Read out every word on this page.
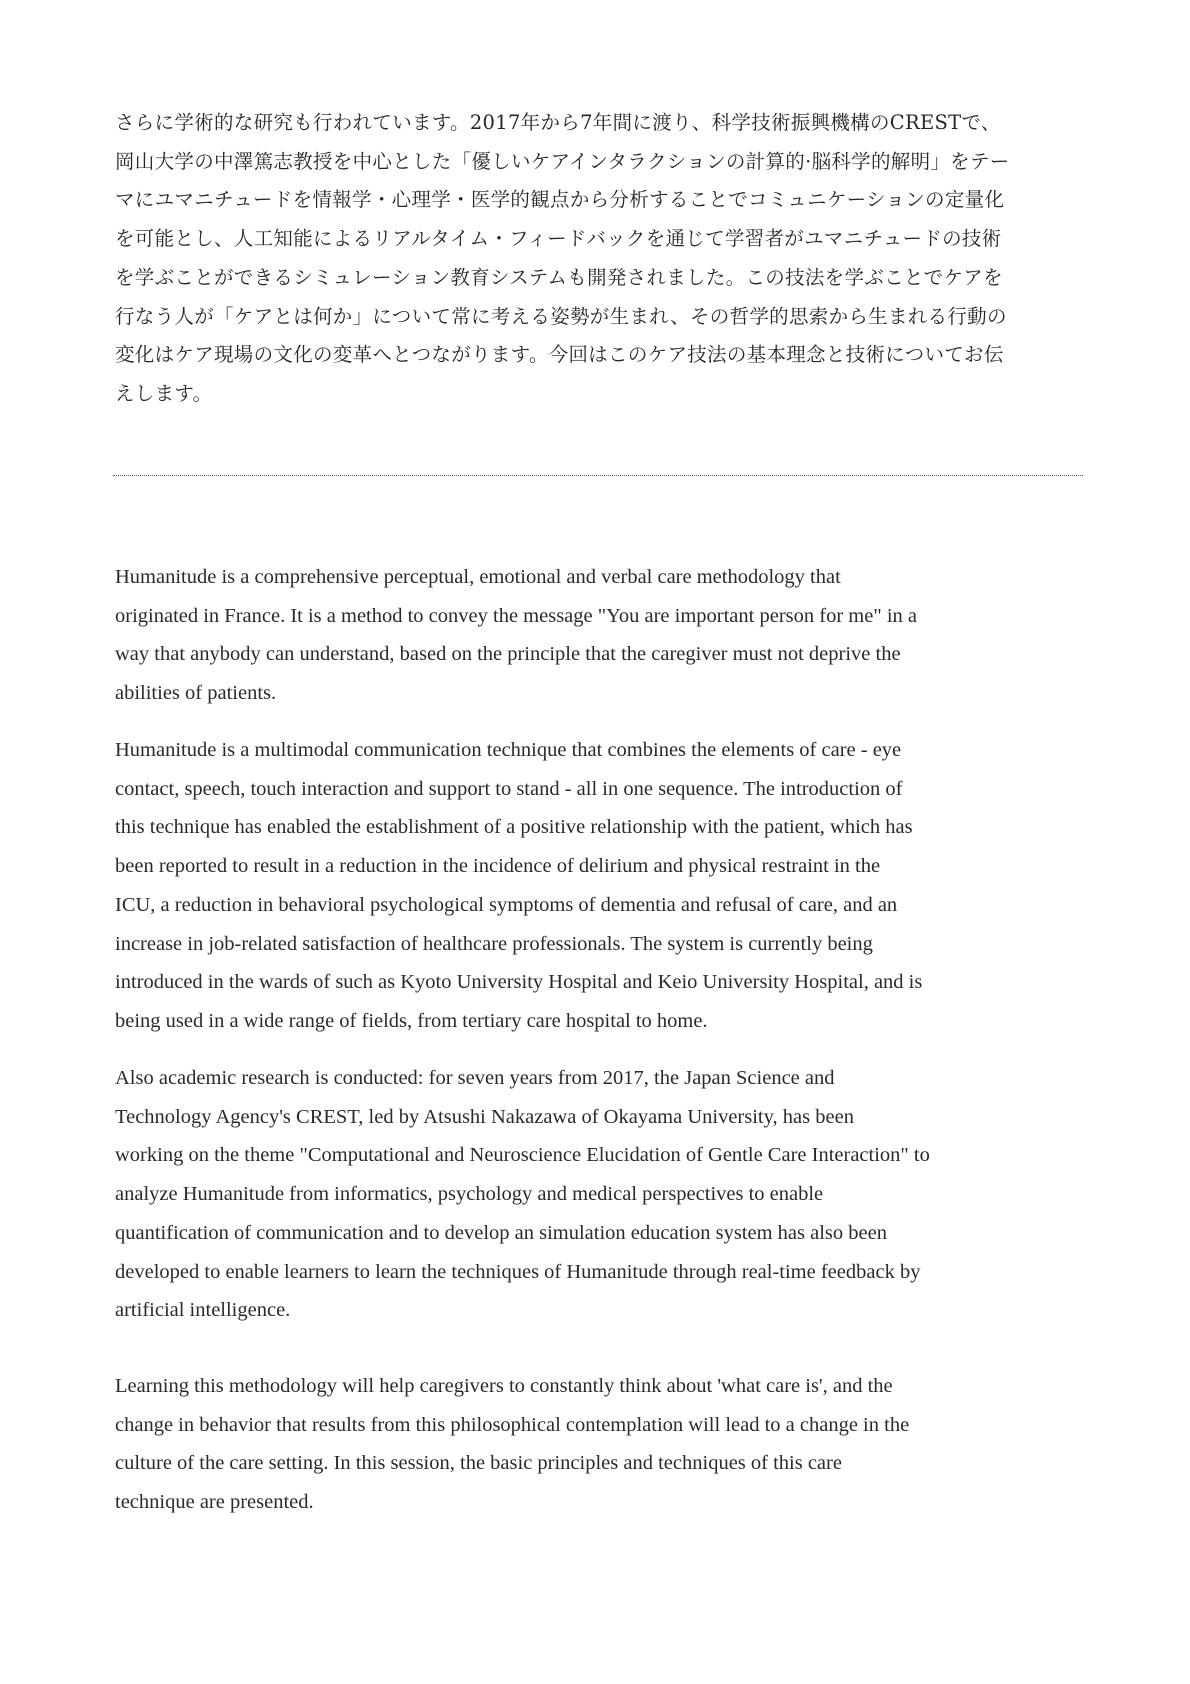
さらに学術的な研究も行われています。2017年から7年間に渡り、科学技術振興機構のCRESTで、
岡山大学の中澤篤志教授を中心とした「優しいケアインタラクションの計算的·脳科学的解明」をテー
マにユマニチュードを情報学・心理学・医学的観点から分析することでコミュニケーションの定量化
を可能とし、人工知能によるリアルタイム・フィードバックを通じて学習者がユマニチュードの技術
を学ぶことができるシミュレーション教育システムも開発されました。この技法を学ぶことでケアを
行なう人が「ケアとは何か」について常に考える姿勢が生まれ、その哲学的思索から生まれる行動の
変化はケア現場の文化の変革へとつながります。今回はこのケア技法の基本理念と技術についてお伝
えします。
Humanitude is a comprehensive perceptual, emotional and verbal care methodology that
originated in France. It is a method to convey the message "You are important person for me" in a
way that anybody can understand, based on the principle that the caregiver must not deprive the
abilities of patients.
Humanitude is a multimodal communication technique that combines the elements of care - eye
contact, speech, touch interaction and support to stand - all in one sequence. The introduction of
this technique has enabled the establishment of a positive relationship with the patient, which has
been reported to result in a reduction in the incidence of delirium and physical restraint in the
ICU, a reduction in behavioral psychological symptoms of dementia and refusal of care, and an
increase in job-related satisfaction of healthcare professionals. The system is currently being
introduced in the wards of such as Kyoto University Hospital and Keio University Hospital, and is
being used in a wide range of fields, from tertiary care hospital to home.
Also academic research is conducted: for seven years from 2017, the Japan Science and
Technology Agency's CREST, led by Atsushi Nakazawa of Okayama University, has been
working on the theme "Computational and Neuroscience Elucidation of Gentle Care Interaction" to
analyze Humanitude from informatics, psychology and medical perspectives to enable
quantification of communication and to develop an simulation education system has also been
developed to enable learners to learn the techniques of Humanitude through real-time feedback by
artificial intelligence.
Learning this methodology will help caregivers to constantly think about 'what care is', and the
change in behavior that results from this philosophical contemplation will lead to a change in the
culture of the care setting. In this session, the basic principles and techniques of this care
technique are presented.
